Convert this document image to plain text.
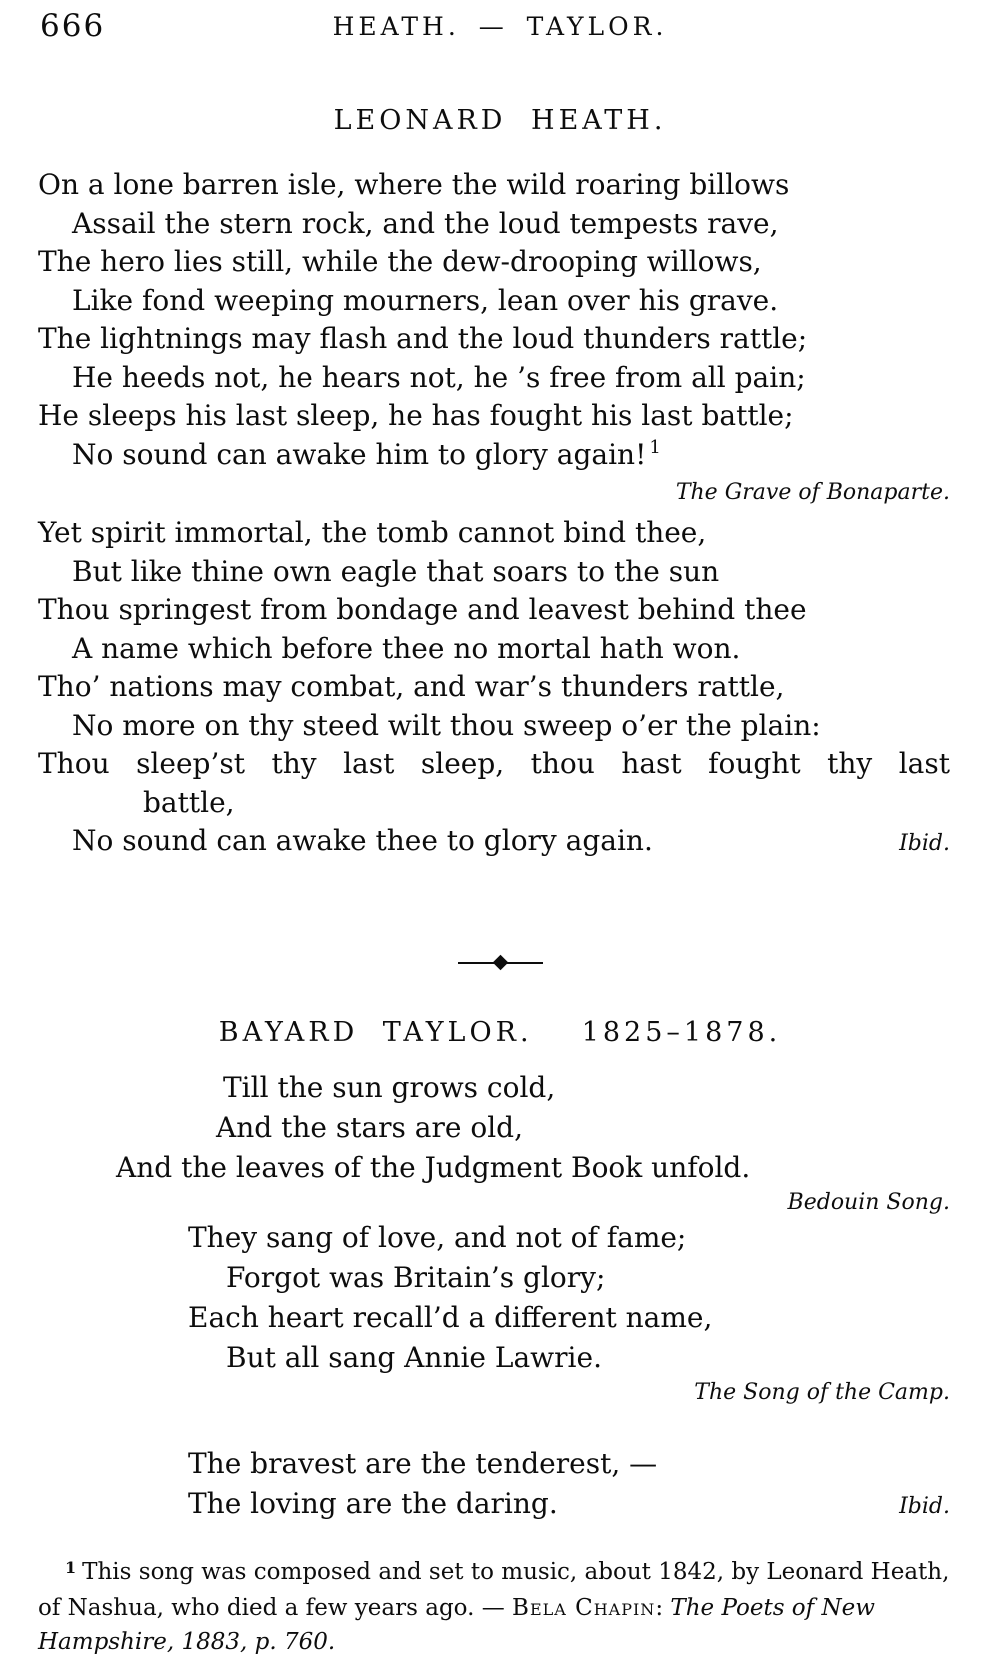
666	HEATH. — TAYLOR.
LEONARD HEATH.
On a lone barren isle, where the wild roaring billows
Assail the stern rock, and the loud tempests rave,
The hero lies still, while the dew-drooping willows,
Like fond weeping mourners, lean over his grave.
The lightnings may flash and the loud thunders rattle;
He heeds not, he hears not, he ’s free from all pain;
He sleeps his last sleep, he has fought his last battle;
No sound can awake him to glory again! $^1$
The Grave of Bonaparte.
Yet spirit immortal, the tomb cannot bind thee,
But like thine own eagle that soars to the sun
Thou springest from bondage and leavest behind thee
A name which before thee no mortal hath won.
Tho’ nations may combat, and war’s thunders rattle,
No more on thy steed wilt thou sweep o’er the plain:
Thou sleep’st thy last sleep, thou hast fought thy last
battle,
No sound can awake thee to glory again.	Ibid.
BAYARD TAYLOR.  1825–1878.
Till the sun grows cold,
And the stars are old,
And the leaves of the Judgment Book unfold.
Bedouin Song.
They sang of love, and not of fame;
Forgot was Britain’s glory;
Each heart recall’d a different name,
But all sang Annie Lawrie.
The Song of the Camp.
The bravest are the tenderest, —
The loving are the daring.	Ibid.

$^1$ This song was composed and set to music, about 1842, by Leonard Heath, of Nashua, who died a few years ago. — Bela Chapin: The Poets of New Hampshire, 1883, p. 760.
